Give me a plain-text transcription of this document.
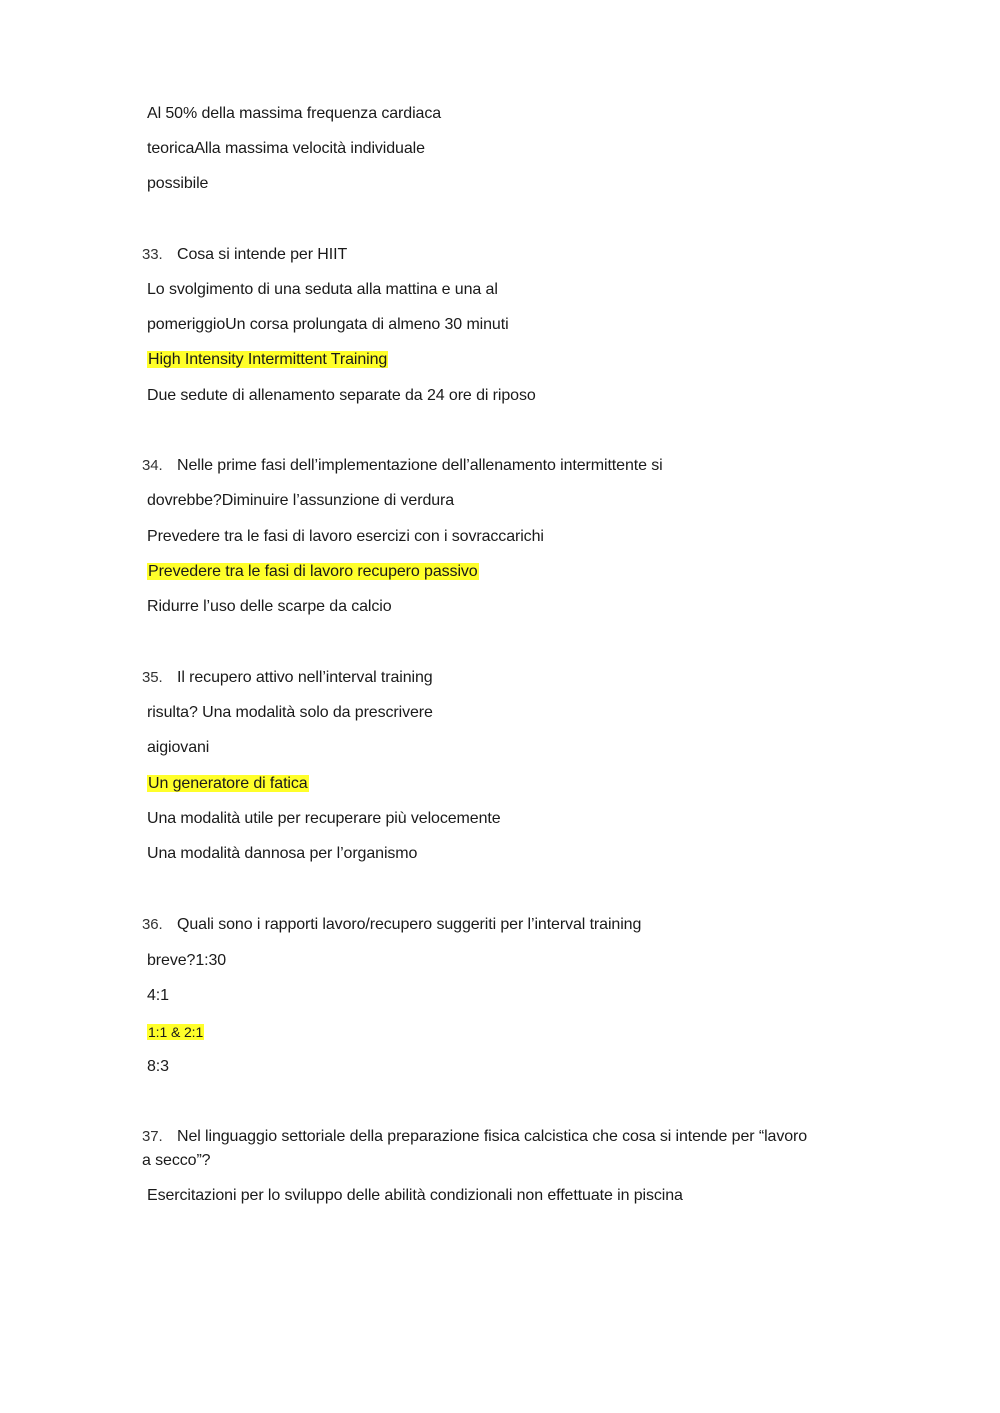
Al 50% della massima frequenza cardiaca
teoricaAlla massima velocità individuale
possibile
33. Cosa si intende per HIIT
Lo svolgimento di una seduta alla mattina e una al
pomeriggioUn corsa prolungata di almeno 30 minuti
High Intensity Intermittent Training
Due sedute di allenamento separate da 24 ore di riposo
34. Nelle prime fasi dell’implementazione dell’allenamento intermittente si
dovrebbe?Diminuire l’assunzione di verdura
Prevedere tra le fasi di lavoro esercizi con i sovraccarichi
Prevedere tra le fasi di lavoro recupero passivo
Ridurre l’uso delle scarpe da calcio
35. Il recupero attivo nell’interval training
risulta? Una modalità solo da prescrivere
aigiovani
Un generatore di fatica
Una modalità utile per recuperare più velocemente
Una modalità dannosa per l’organismo
36. Quali sono i rapporti lavoro/recupero suggeriti per l’interval training
breve?1:30
4:1
1:1 & 2:1
8:3
37. Nel linguaggio settoriale della preparazione fisica calcistica che cosa si intende per “lavoro
a secco”?
Esercitazioni per lo sviluppo delle abilità condizionali non effettuate in piscina
